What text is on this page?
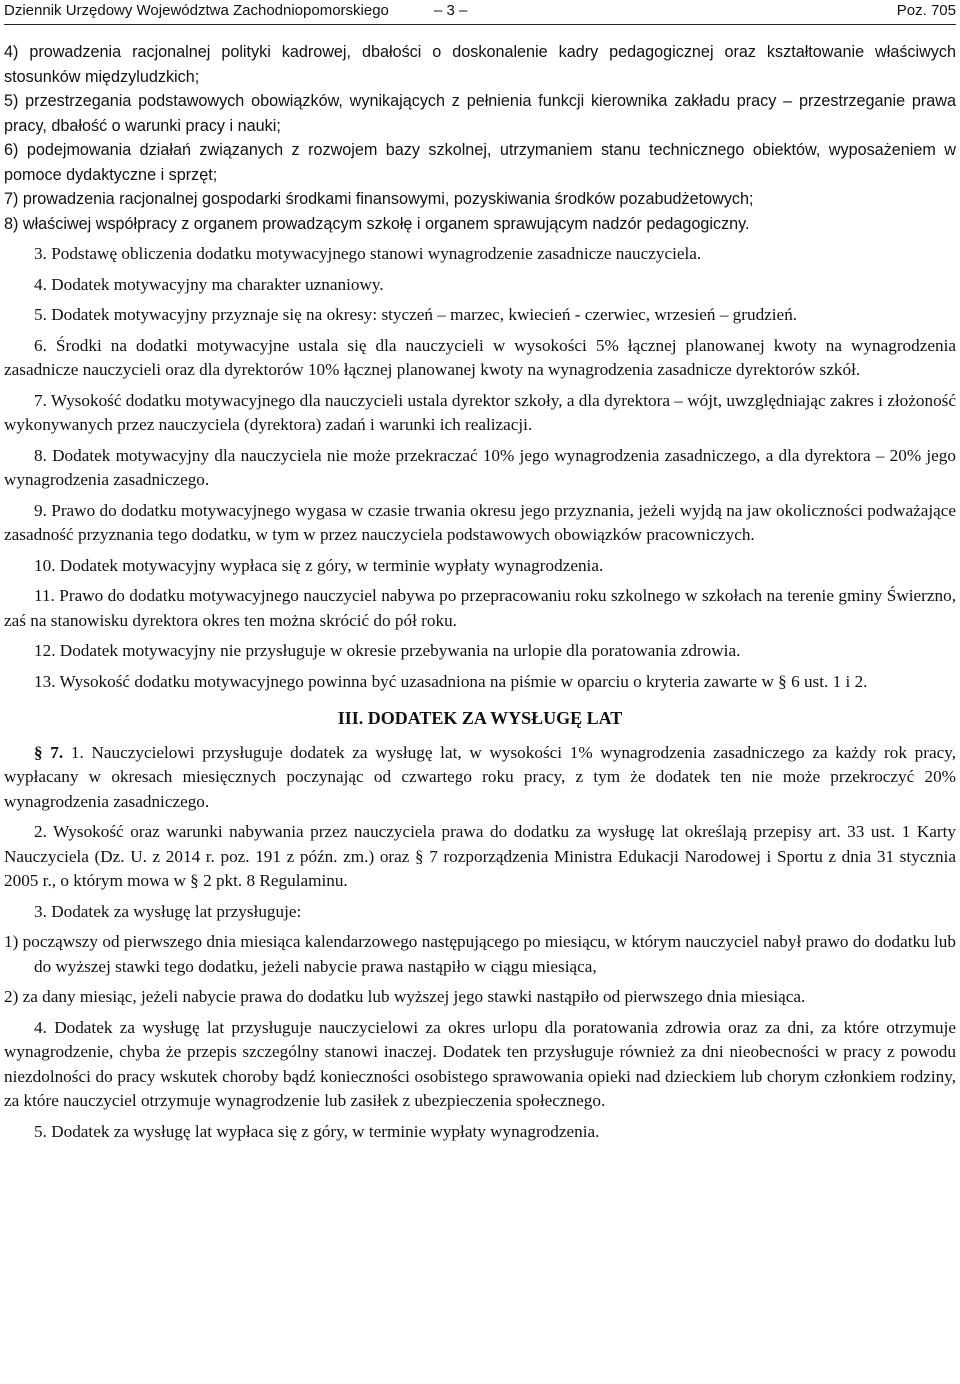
Dziennik Urzędowy Województwa Zachodniopomorskiego	– 3 –	Poz. 705

4) prowadzenia racjonalnej polityki kadrowej, dbałości o doskonalenie kadry pedagogicznej oraz kształtowanie właściwych stosunków międzyludzkich;

5) przestrzegania podstawowych obowiązków, wynikających z pełnienia funkcji kierownika zakładu pracy – przestrzeganie prawa pracy, dbałość o warunki pracy i nauki;

6) podejmowania działań związanych z rozwojem bazy szkolnej, utrzymaniem stanu technicznego obiektów, wyposażeniem w pomoce dydaktyczne i sprzęt;

7) prowadzenia racjonalnej gospodarki środkami finansowymi, pozyskiwania środków pozabudżetowych;

8) właściwej współpracy z organem prowadzącym szkołę i organem sprawującym nadzór pedagogiczny.

3. Podstawę obliczenia dodatku motywacyjnego stanowi wynagrodzenie zasadnicze nauczyciela.

4. Dodatek motywacyjny ma charakter uznaniowy.

5. Dodatek motywacyjny przyznaje się na okresy: styczeń – marzec, kwiecień - czerwiec, wrzesień – grudzień.

6. Środki na dodatki motywacyjne ustala się dla nauczycieli w wysokości 5% łącznej planowanej kwoty na wynagrodzenia zasadnicze nauczycieli oraz dla dyrektorów 10% łącznej planowanej kwoty na wynagrodzenia zasadnicze dyrektorów szkół.

7. Wysokość dodatku motywacyjnego dla nauczycieli ustala dyrektor szkoły, a dla dyrektora – wójt, uwzględniając zakres i złożoność wykonywanych przez nauczyciela (dyrektora) zadań i warunki ich realizacji.

8. Dodatek motywacyjny dla nauczyciela nie może przekraczać 10% jego wynagrodzenia zasadniczego, a dla dyrektora – 20% jego wynagrodzenia zasadniczego.

9. Prawo do dodatku motywacyjnego wygasa w czasie trwania okresu jego przyznania, jeżeli wyjdą na jaw okoliczności podważające zasadność przyznania tego dodatku, w tym w przez nauczyciela podstawowych obowiązków pracowniczych.

10. Dodatek motywacyjny wypłaca się z góry, w terminie wypłaty wynagrodzenia.

11. Prawo do dodatku motywacyjnego nauczyciel nabywa po przepracowaniu roku szkolnego w szkołach na terenie gminy Świerzno, zaś na stanowisku dyrektora okres ten można skrócić do pół roku.

12. Dodatek motywacyjny nie przysługuje w okresie przebywania na urlopie dla poratowania zdrowia.

13. Wysokość dodatku motywacyjnego powinna być uzasadniona na piśmie w oparciu o kryteria zawarte w § 6 ust. 1 i 2.

III. DODATEK ZA WYSŁUGĘ LAT

§ 7. 1. Nauczycielowi przysługuje dodatek za wysługę lat, w wysokości 1% wynagrodzenia zasadniczego za każdy rok pracy, wypłacany w okresach miesięcznych poczynając od czwartego roku pracy, z tym że dodatek ten nie może przekroczyć 20% wynagrodzenia zasadniczego.

2. Wysokość oraz warunki nabywania przez nauczyciela prawa do dodatku za wysługę lat określają przepisy art. 33 ust. 1 Karty Nauczyciela (Dz. U. z 2014 r. poz. 191 z późn. zm.) oraz § 7 rozporządzenia Ministra Edukacji Narodowej i Sportu z dnia 31 stycznia 2005 r., o którym mowa w § 2 pkt. 8 Regulaminu.

3. Dodatek za wysługę lat przysługuje:

1) począwszy od pierwszego dnia miesiąca kalendarzowego następującego po miesiącu, w którym nauczyciel nabył prawo do dodatku lub do wyższej stawki tego dodatku, jeżeli nabycie prawa nastąpiło w ciągu miesiąca,

2) za dany miesiąc, jeżeli nabycie prawa do dodatku lub wyższej jego stawki nastąpiło od pierwszego dnia miesiąca.

4. Dodatek za wysługę lat przysługuje nauczycielowi za okres urlopu dla poratowania zdrowia oraz za dni, za które otrzymuje wynagrodzenie, chyba że przepis szczególny stanowi inaczej. Dodatek ten przysługuje również za dni nieobecności w pracy z powodu niezdolności do pracy wskutek choroby bądź konieczności osobistego sprawowania opieki nad dzieckiem lub chorym członkiem rodziny, za które nauczyciel otrzymuje wynagrodzenie lub zasiłek z ubezpieczenia społecznego.

5. Dodatek za wysługę lat wypłaca się z góry, w terminie wypłaty wynagrodzenia.
